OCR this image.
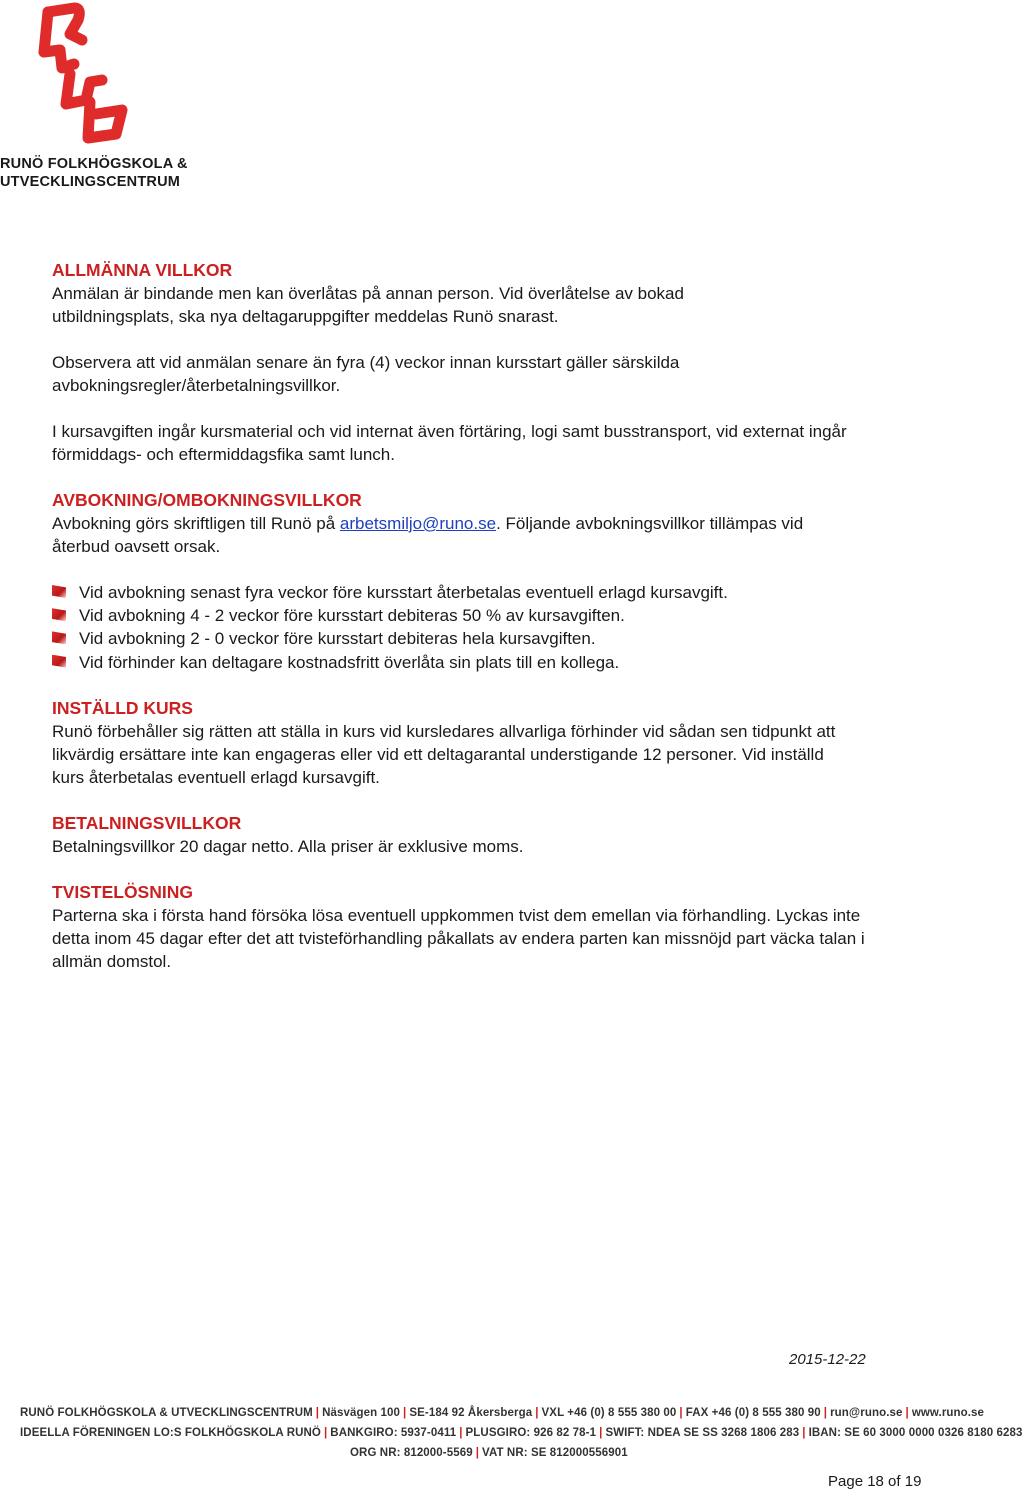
RUNÖ FOLKHÖGSKOLA &
UTVECKLINGSCENTRUM

ALLMÄNNA VILLKOR

Anmälan är bindande men kan överlåtas på annan person. Vid överlåtelse av bokad utbildningsplats, ska nya deltagaruppgifter meddelas Runö snarast.

Observera att vid anmälan senare än fyra (4) veckor innan kursstart gäller särskilda avbokningsregler/återbetalningsvillkor.

I kursavgiften ingår kursmaterial och vid internat även förtäring, logi samt busstransport, vid externat ingår förmiddags- och eftermiddagsfika samt lunch.

AVBOKNING/OMBOKNINGSVILLKOR

Avbokning görs skriftligen till Runö på arbetsmiljo@runo.se. Följande avbokningsvillkor tillämpas vid återbud oavsett orsak.

Vid avbokning senast fyra veckor före kursstart återbetalas eventuell erlagd kursavgift.
Vid avbokning 4 - 2 veckor före kursstart debiteras 50 % av kursavgiften.
Vid avbokning 2 - 0 veckor före kursstart debiteras hela kursavgiften.
Vid förhinder kan deltagare kostnadsfritt överlåta sin plats till en kollega.

INSTÄLLD KURS

Runö förbehåller sig rätten att ställa in kurs vid kursledares allvarliga förhinder vid sådan sen tidpunkt att likvärdig ersättare inte kan engageras eller vid ett deltagarantal understigande 12 personer. Vid inställd kurs återbetalas eventuell erlagd kursavgift.

BETALNINGSVILLKOR

Betalningsvillkor 20 dagar netto. Alla priser är exklusive moms.

TVISTELÖSNING

Parterna ska i första hand försöka lösa eventuell uppkommen tvist dem emellan via förhandling. Lyckas inte detta inom 45 dagar efter det att tvisteförhandling påkallats av endera parten kan missnöjd part väcka talan i allmän domstol.

2015-12-22
RUNÖ FOLKHÖGSKOLA & UTVECKLINGSCENTRUM | Näsvägen 100 | SE-184 92 Åkersberga | VXL +46 (0) 8 555 380 00 | FAX +46 (0) 8 555 380 90 | run@runo.se | www.runo.se
IDEELLA FÖRENINGEN LO:S FOLKHÖGSKOLA RUNÖ | BANKGIRO: 5937-0411 | PLUSGIRO: 926 82 78-1 | SWIFT: NDEA SE SS 3268 1806 283 | IBAN: SE 60 3000 0000 0326 8180 6283
ORG NR: 812000-5569 | VAT NR: SE 812000556901
Page 18 of 19
